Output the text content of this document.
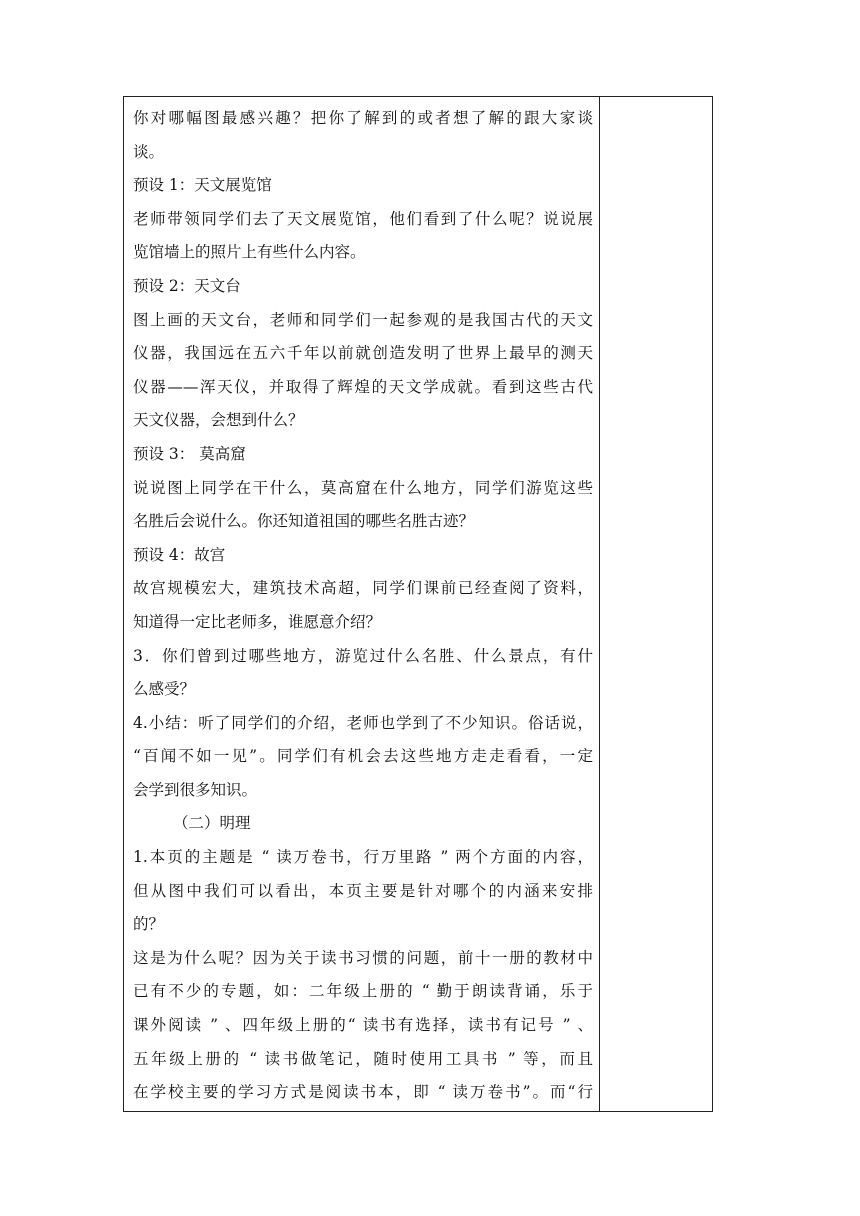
你对哪幅图最感兴趣？把你了解到的或者想了解的跟大家谈
谈。
预设 1：天文展览馆
老师带领同学们去了天文展览馆，他们看到了什么呢？说说展
览馆墙上的照片上有些什么内容。
预设 2：天文台
图上画的天文台，老师和同学们一起参观的是我国古代的天文
仪器，我国远在五六千年以前就创造发明了世界上最早的测天
仪器——浑天仪，并取得了辉煌的天文学成就。看到这些古代
天文仪器，会想到什么？
预设 3： 莫高窟
说说图上同学在干什么，莫高窟在什么地方，同学们游览这些
名胜后会说什么。你还知道祖国的哪些名胜古迹？
预设 4：故宫
故宫规模宏大，建筑技术高超，同学们课前已经查阅了资料，
知道得一定比老师多，谁愿意介绍？
3．你们曾到过哪些地方，游览过什么名胜、什么景点，有什
么感受？
4.小结：听了同学们的介绍，老师也学到了不少知识。俗话说，
“百闻不如一见”。同学们有机会去这些地方走走看看，一定
会学到很多知识。
（二）明理
1.本页的主题是 “ 读万卷书，行万里路 ” 两个方面的内容，
但从图中我们可以看出，本页主要是针对哪个的内涵来安排
的？
这是为什么呢？因为关于读书习惯的问题，前十一册的教材中
已有不少的专题，如：二年级上册的 “ 勤于朗读背诵，乐于
课外阅读 ” 、四年级上册的“ 读书有选择，读书有记号 ” 、
五年级上册的 “ 读书做笔记，随时使用工具书 ” 等，而且
在学校主要的学习方式是阅读书本，即 “ 读万卷书”。而“行
